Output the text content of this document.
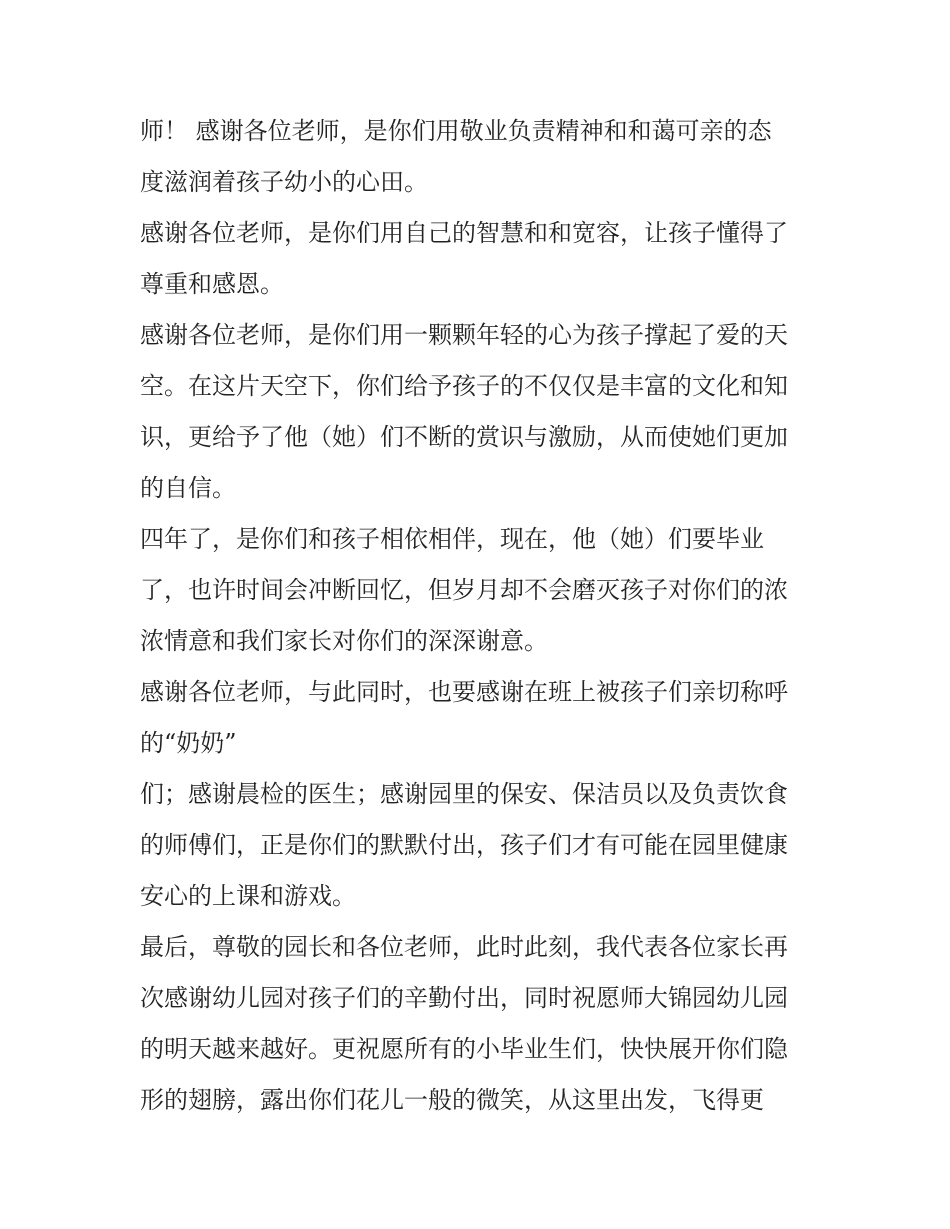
师！ 感谢各位老师，是你们用敬业负责精神和和蔼可亲的态
度滋润着孩子幼小的心田。
感谢各位老师，是你们用自己的智慧和和宽容，让孩子懂得了
尊重和感恩。
感谢各位老师，是你们用一颗颗年轻的心为孩子撑起了爱的天
空。在这片天空下，你们给予孩子的不仅仅是丰富的文化和知
识，更给予了他（她）们不断的赏识与激励，从而使她们更加
的自信。
四年了，是你们和孩子相依相伴，现在，他（她）们要毕业
了，也许时间会冲断回忆，但岁月却不会磨灭孩子对你们的浓
浓情意和我们家长对你们的深深谢意。
感谢各位老师，与此同时，也要感谢在班上被孩子们亲切称呼
的“奶奶”
们；感谢晨检的医生；感谢园里的保安、保洁员以及负责饮食
的师傅们，正是你们的默默付出，孩子们才有可能在园里健康
安心的上课和游戏。
最后，尊敬的园长和各位老师，此时此刻，我代表各位家长再
次感谢幼儿园对孩子们的辛勤付出，同时祝愿师大锦园幼儿园
的明天越来越好。更祝愿所有的小毕业生们，快快展开你们隐
形的翅膀，露出你们花儿一般的微笑，从这里出发，飞得更
